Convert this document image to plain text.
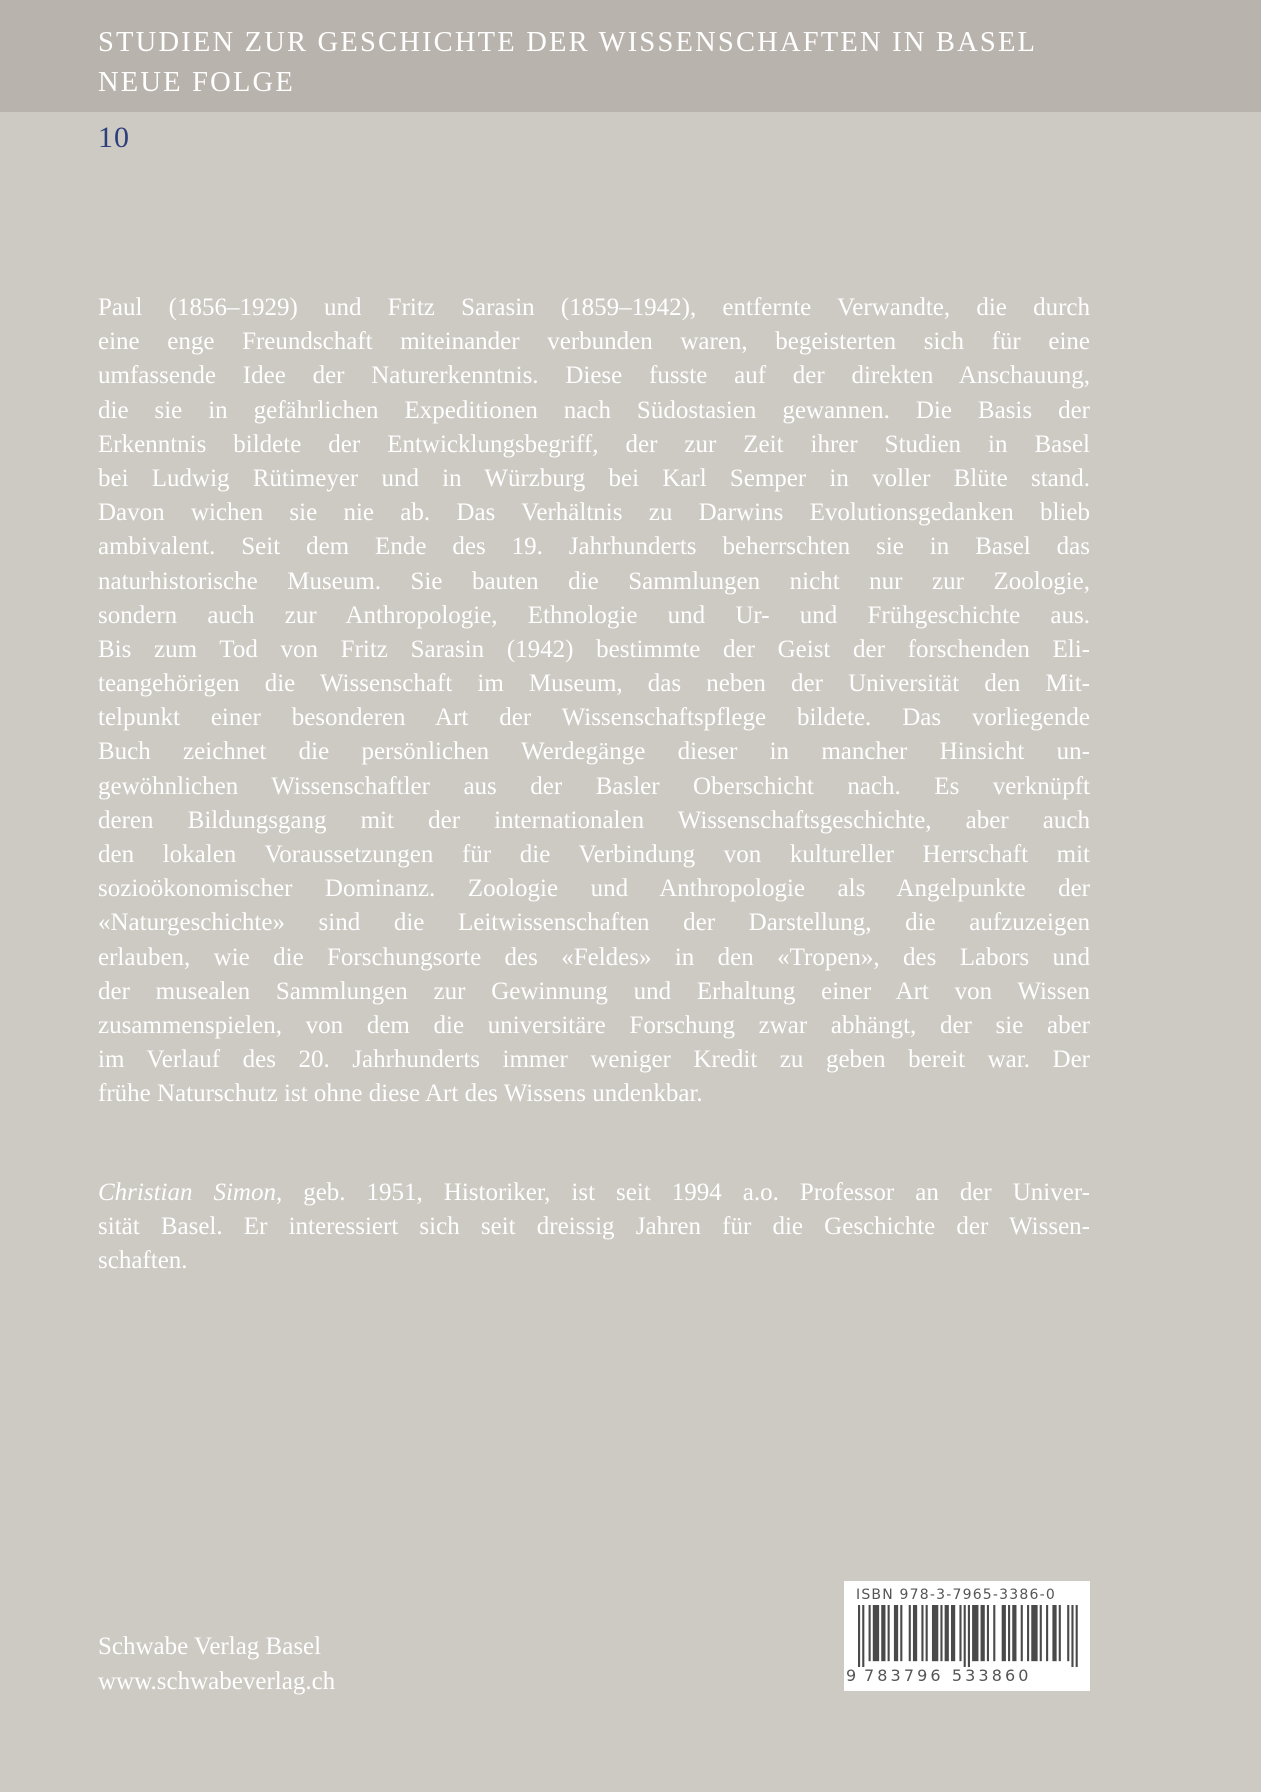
STUDIEN ZUR GESCHICHTE DER WISSENSCHAFTEN IN BASEL
NEUE FOLGE
10
Paul (1856–1929) und Fritz Sarasin (1859–1942), entfernte Verwandte, die durch
eine enge Freundschaft miteinander verbunden waren, begeisterten sich für eine
umfassende Idee der Naturerkenntnis. Diese fusste auf der direkten Anschauung,
die sie in gefährlichen Expeditionen nach Südostasien gewannen. Die Basis der
Erkenntnis bildete der Entwicklungsbegriff, der zur Zeit ihrer Studien in Basel
bei Ludwig Rütimeyer und in Würzburg bei Karl Semper in voller Blüte stand.
Davon wichen sie nie ab. Das Verhältnis zu Darwins Evolutionsgedanken blieb
ambivalent. Seit dem Ende des 19. Jahrhunderts beherrschten sie in Basel das
naturhistorische Museum. Sie bauten die Sammlungen nicht nur zur Zoologie,
sondern auch zur Anthropologie, Ethnologie und Ur- und Frühgeschichte aus.
Bis zum Tod von Fritz Sarasin (1942) bestimmte der Geist der forschenden Eli-
teangehörigen die Wissenschaft im Museum, das neben der Universität den Mit-
telpunkt einer besonderen Art der Wissenschaftspflege bildete. Das vorliegende
Buch zeichnet die persönlichen Werdegänge dieser in mancher Hinsicht un-
gewöhnlichen Wissenschaftler aus der Basler Oberschicht nach. Es verknüpft
deren Bildungsgang mit der internationalen Wissenschaftsgeschichte, aber auch
den lokalen Voraussetzungen für die Verbindung von kultureller Herrschaft mit
sozioökonomischer Dominanz. Zoologie und Anthropologie als Angelpunkte der
«Naturgeschichte» sind die Leitwissenschaften der Darstellung, die aufzuzeigen
erlauben, wie die Forschungsorte des «Feldes» in den «Tropen», des Labors und
der musealen Sammlungen zur Gewinnung und Erhaltung einer Art von Wissen
zusammenspielen, von dem die universitäre Forschung zwar abhängt, der sie aber
im Verlauf des 20. Jahrhunderts immer weniger Kredit zu geben bereit war. Der
frühe Naturschutz ist ohne diese Art des Wissens undenkbar.
Christian Simon, geb. 1951, Historiker, ist seit 1994 a.o. Professor an der Univer-
sität Basel. Er interessiert sich seit dreissig Jahren für die Geschichte der Wissen-
schaften.
Schwabe Verlag Basel
www.schwabeverlag.ch
ISBN 978-3-7965-3386-0
9 783796 533860
